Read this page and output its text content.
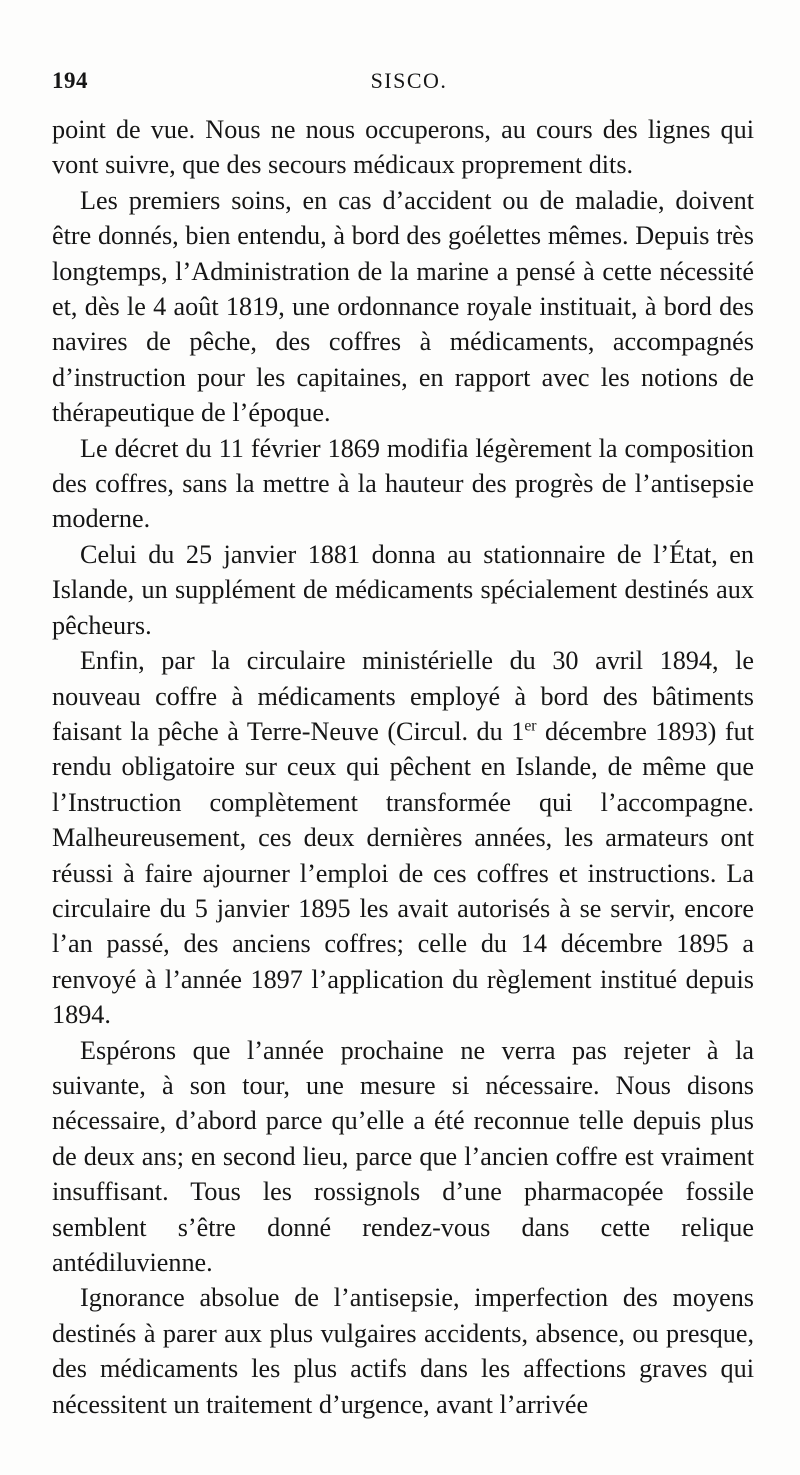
194	SISCO.

point de vue. Nous ne nous occuperons, au cours des lignes qui vont suivre, que des secours médicaux proprement dits.

Les premiers soins, en cas d’accident ou de maladie, doivent être donnés, bien entendu, à bord des goélettes mêmes. Depuis très longtemps, l’Administration de la marine a pensé à cette nécessité et, dès le 4 août 1819, une ordonnance royale instituait, à bord des navires de pêche, des coffres à médicaments, accompagnés d’instruction pour les capitaines, en rapport avec les notions de thérapeutique de l’époque.

Le décret du 11 février 1869 modifia légèrement la composition des coffres, sans la mettre à la hauteur des progrès de l’antisepsie moderne.

Celui du 25 janvier 1881 donna au stationnaire de l’État, en Islande, un supplément de médicaments spécialement destinés aux pêcheurs.

Enfin, par la circulaire ministérielle du 30 avril 1894, le nouveau coffre à médicaments employé à bord des bâtiments faisant la pêche à Terre-Neuve (Circul. du 1er décembre 1893) fut rendu obligatoire sur ceux qui pêchent en Islande, de même que l’Instruction complètement transformée qui l’accompagne. Malheureusement, ces deux dernières années, les armateurs ont réussi à faire ajourner l’emploi de ces coffres et instructions. La circulaire du 5 janvier 1895 les avait autorisés à se servir, encore l’an passé, des anciens coffres; celle du 14 décembre 1895 a renvoyé à l’année 1897 l’application du règlement institué depuis 1894.

Espérons que l’année prochaine ne verra pas rejeter à la suivante, à son tour, une mesure si nécessaire. Nous disons nécessaire, d’abord parce qu’elle a été reconnue telle depuis plus de deux ans; en second lieu, parce que l’ancien coffre est vraiment insuffisant. Tous les rossignols d’une pharmacopée fossile semblent s’être donné rendez-vous dans cette relique antédiluvienne.

Ignorance absolue de l’antisepsie, imperfection des moyens destinés à parer aux plus vulgaires accidents, absence, ou presque, des médicaments les plus actifs dans les affections graves qui nécessitent un traitement d’urgence, avant l’arrivée
